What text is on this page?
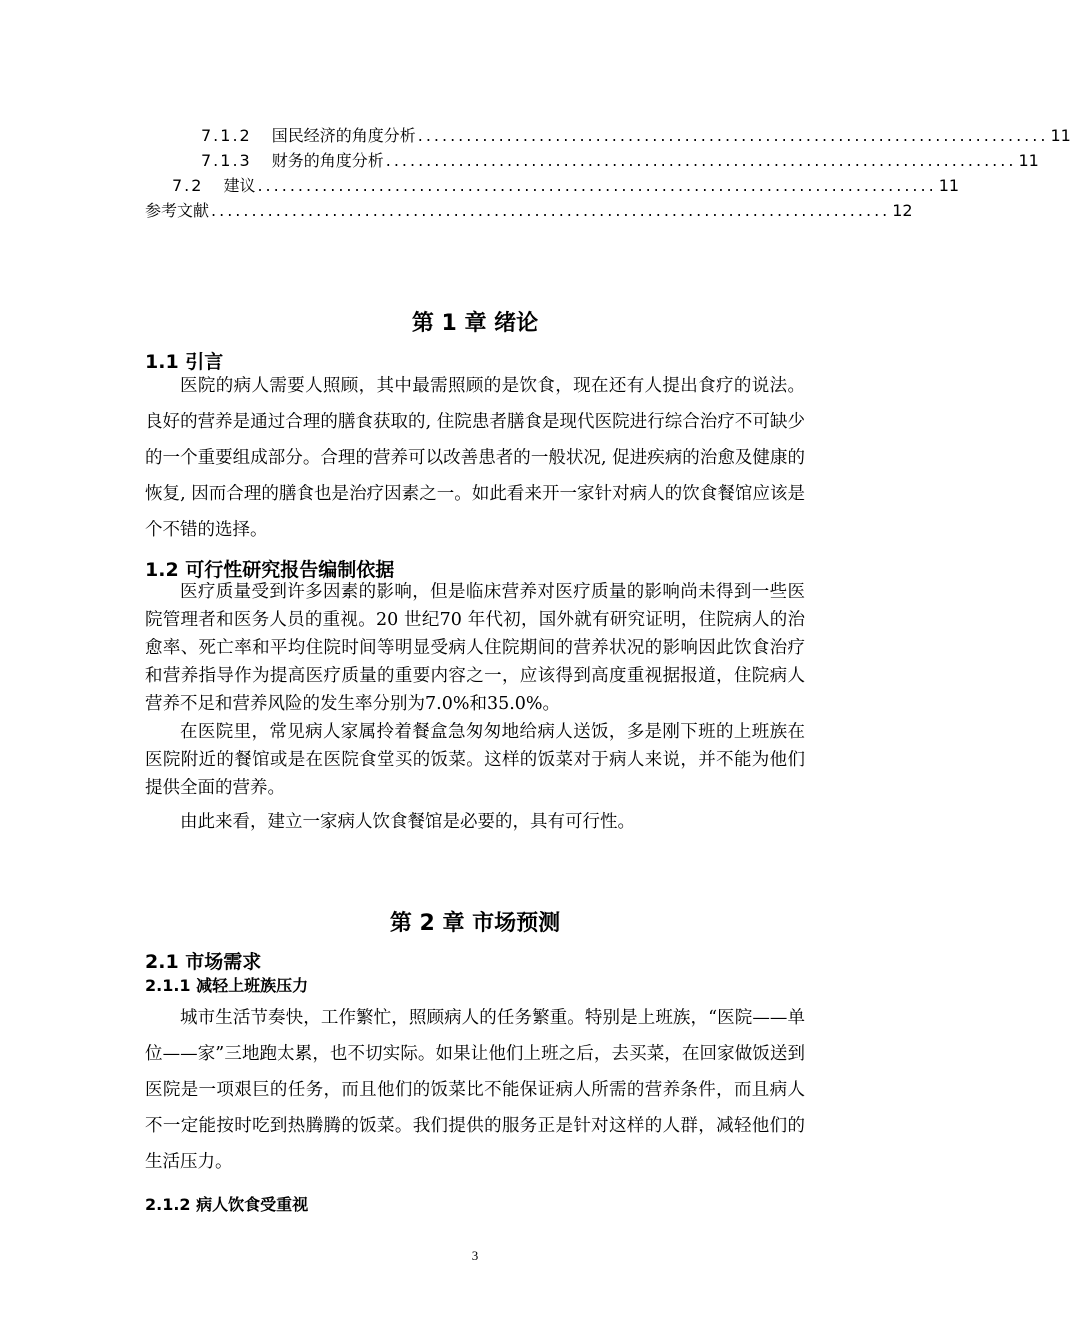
7.1.2	国民经济的角度分析 .............................................................................. 11
7.1.3	财务的角度分析 .............................................................................. 11
7.2	建议 .................................................................................... 11
参考文献 .................................................................................... 12
第 1 章 绪论
1.1 引言

医院的病人需要人照顾，其中最需照顾的是饮食，现在还有人提出食疗的说法。良好的营养是通过合理的膳食获取的, 住院患者膳食是现代医院进行综合治疗不可缺少的一个重要组成部分。合理的营养可以改善患者的一般状况, 促进疾病的治愈及健康的恢复, 因而合理的膳食也是治疗因素之一。如此看来开一家针对病人的饮食餐馆应该是个不错的选择。

1.2 可行性研究报告编制依据

医疗质量受到许多因素的影响，但是临床营养对医疗质量的影响尚未得到一些医院管理者和医务人员的重视。20 世纪70 年代初，国外就有研究证明，住院病人的治愈率、死亡率和平均住院时间等明显受病人住院期间的营养状况的影响因此饮食治疗和营养指导作为提高医疗质量的重要内容之一，应该得到高度重视据报道，住院病人营养不足和营养风险的发生率分别为7.0%和35.0%。

在医院里，常见病人家属拎着餐盒急匆匆地给病人送饭，多是刚下班的上班族在医院附近的餐馆或是在医院食堂买的饭菜。这样的饭菜对于病人来说，并不能为他们提供全面的营养。

由此来看，建立一家病人饮食餐馆是必要的，具有可行性。

第 2 章 市场预测
2.1 市场需求
2.1.1 减轻上班族压力

城市生活节奏快，工作繁忙，照顾病人的任务繁重。特别是上班族，“医院——单位——家”三地跑太累，也不切实际。如果让他们上班之后，去买菜，在回家做饭送到医院是一项艰巨的任务，而且他们的饭菜比不能保证病人所需的营养条件，而且病人不一定能按时吃到热腾腾的饭菜。我们提供的服务正是针对这样的人群，减轻他们的生活压力。

2.1.2 病人饮食受重视
3
